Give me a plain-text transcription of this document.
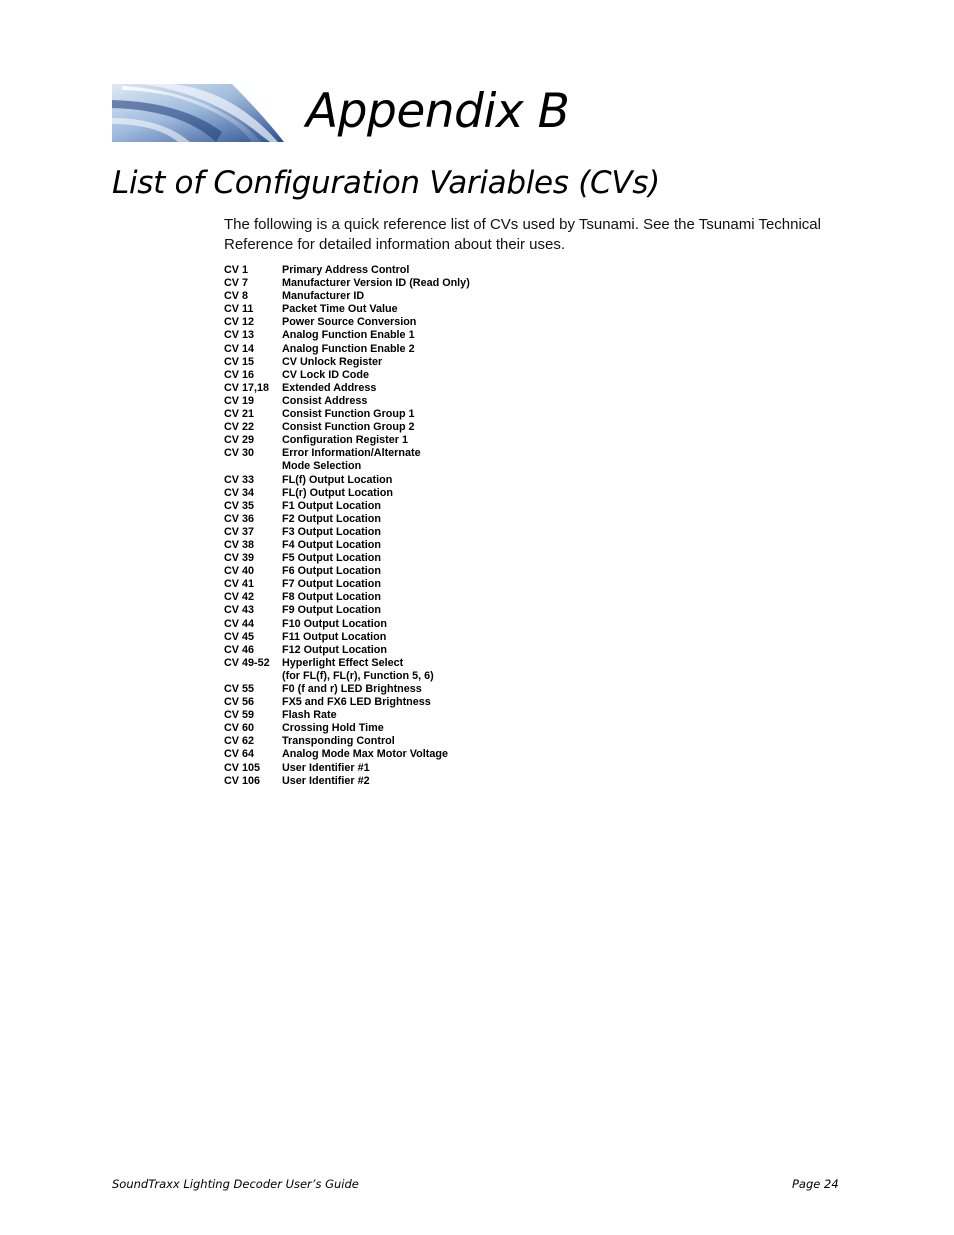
Appendix B
List of Configuration Variables (CVs)
The following is a quick reference list of CVs used by Tsunami. See the Tsunami Technical Reference for detailed information about their uses.
CV 1	Primary Address Control
CV 7	Manufacturer Version ID (Read Only)
CV 8	Manufacturer ID
CV 11	Packet Time Out Value
CV 12	Power Source Conversion
CV 13	Analog Function Enable 1
CV 14	Analog Function Enable 2
CV 15	CV Unlock Register
CV 16	CV Lock ID Code
CV 17,18	Extended Address
CV 19	Consist Address
CV 21	Consist Function Group 1
CV 22	Consist Function Group 2
CV 29	Configuration Register 1
CV 30	Error Information/Alternate
Mode Selection
CV 33	FL(f) Output Location
CV 34	FL(r) Output Location
CV 35	F1 Output Location
CV 36	F2 Output Location
CV 37	F3 Output Location
CV 38	F4 Output Location
CV 39	F5 Output Location
CV 40	F6 Output Location
CV 41	F7 Output Location
CV 42	F8 Output Location
CV 43	F9 Output Location
CV 44	F10 Output Location
CV 45	F11 Output Location
CV 46	F12 Output Location
CV 49-52	Hyperlight Effect Select
(for FL(f), FL(r), Function 5, 6)
CV 55	F0 (f and r) LED Brightness
CV 56	FX5 and FX6 LED Brightness
CV 59	Flash Rate
CV 60	Crossing Hold Time
CV 62	Transponding Control
CV 64	Analog Mode Max Motor Voltage
CV 105	User Identifier #1
CV 106	User Identifier #2
SoundTraxx Lighting Decoder User’s Guide	Page 24
